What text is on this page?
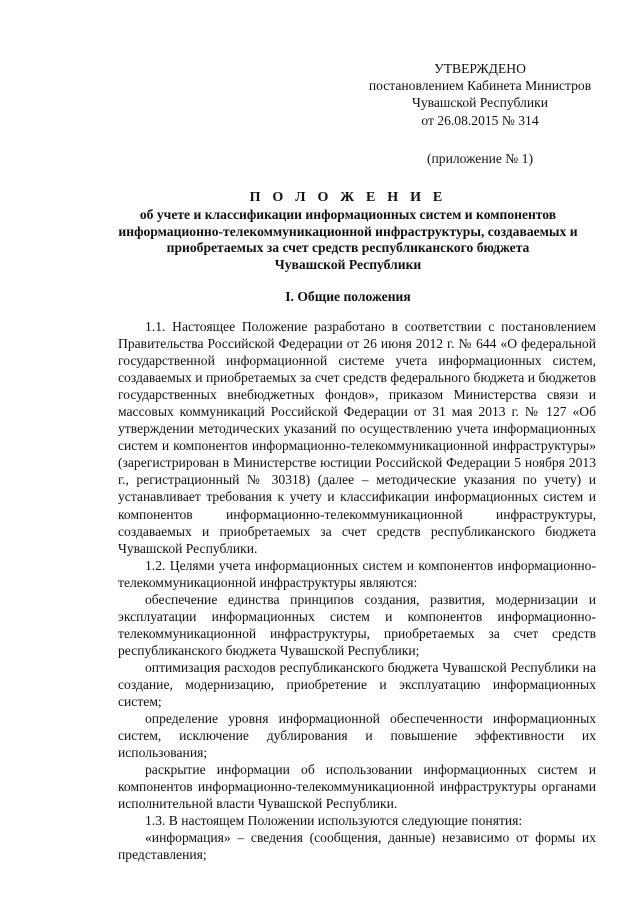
УТВЕРЖДЕНО
постановлением Кабинета Министров
Чувашской Республики
от 26.08.2015 № 314
(приложение № 1)
П О Л О Ж Е Н И Е
об учете и классификации информационных систем и компонентов
информационно-телекоммуникационной инфраструктуры, создаваемых и
приобретаемых за счет средств республиканского бюджета
Чувашской Республики
I. Общие положения

1.1. Настоящее Положение разработано в соответствии с постановлением Правительства Российской Федерации от 26 июня 2012 г. № 644 «О федеральной государственной информационной системе учета информационных систем, создаваемых и приобретаемых за счет средств федерального бюджета и бюджетов государственных внебюджетных фондов», приказом Министерства связи и массовых коммуникаций Российской Федерации от 31 мая 2013 г. № 127 «Об утверждении методических указаний по осуществлению учета информационных систем и компонентов информационно-телекоммуникационной инфраструктуры» (зарегистрирован в Министерстве юстиции Российской Федерации 5 ноября 2013 г., регистрационный № 30318) (далее – методические указания по учету) и устанавливает требования к учету и классификации информационных систем и компонентов информационно-телекоммуникационной инфраструктуры, создаваемых и приобретаемых за счет средств республиканского бюджета Чувашской Республики.

1.2. Целями учета информационных систем и компонентов информационно-телекоммуникационной инфраструктуры являются:

обеспечение единства принципов создания, развития, модернизации и эксплуатации информационных систем и компонентов информационно-телекоммуникационной инфраструктуры, приобретаемых за счет средств республиканского бюджета Чувашской Республики;

оптимизация расходов республиканского бюджета Чувашской Республики на создание, модернизацию, приобретение и эксплуатацию информационных систем;

определение уровня информационной обеспеченности информационных систем, исключение дублирования и повышение эффективности их использования;

раскрытие информации об использовании информационных систем и компонентов информационно-телекоммуникационной инфраструктуры органами исполнительной власти Чувашской Республики.

1.3. В настоящем Положении используются следующие понятия:

«информация» – сведения (сообщения, данные) независимо от формы их представления;
